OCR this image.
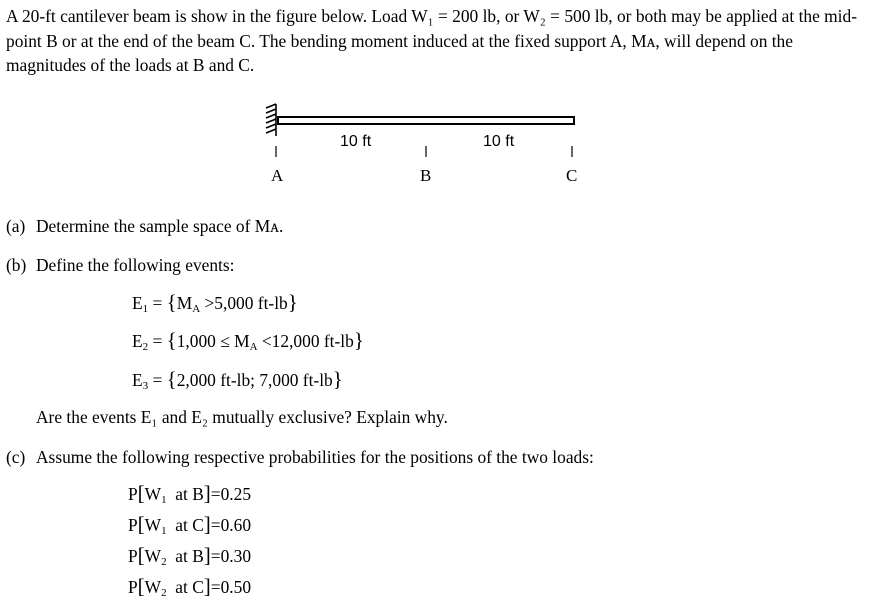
A 20-ft cantilever beam is show in the figure below. Load W₁ = 200 lb, or W₂ = 500 lb, or both may be applied at the mid-point B or at the end of the beam C. The bending moment induced at the fixed support A, Mᴀ, will depend on the magnitudes of the loads at B and C.

10 ft	10 ft
A	B	C
(a) Determine the sample space of Mᴀ.
(b) Define the following events:
$E_1 = \{M_A >5,000$ ft-lb}
$E_2 = \{1,000 \le M_A <12,000$ ft-lb}
$E_3 = \{2,000$ ft-lb; 7,000 ft-lb}
Are the events E₁ and E₂ mutually exclusive? Explain why.
(c) Assume the following respective probabilities for the positions of the two loads:
$P[W_1$ at B]=0.25
$P[W_1$ at C]=0.60
$P[W_2$ at B]=0.30
$P[W_2$ at C]=0.50
